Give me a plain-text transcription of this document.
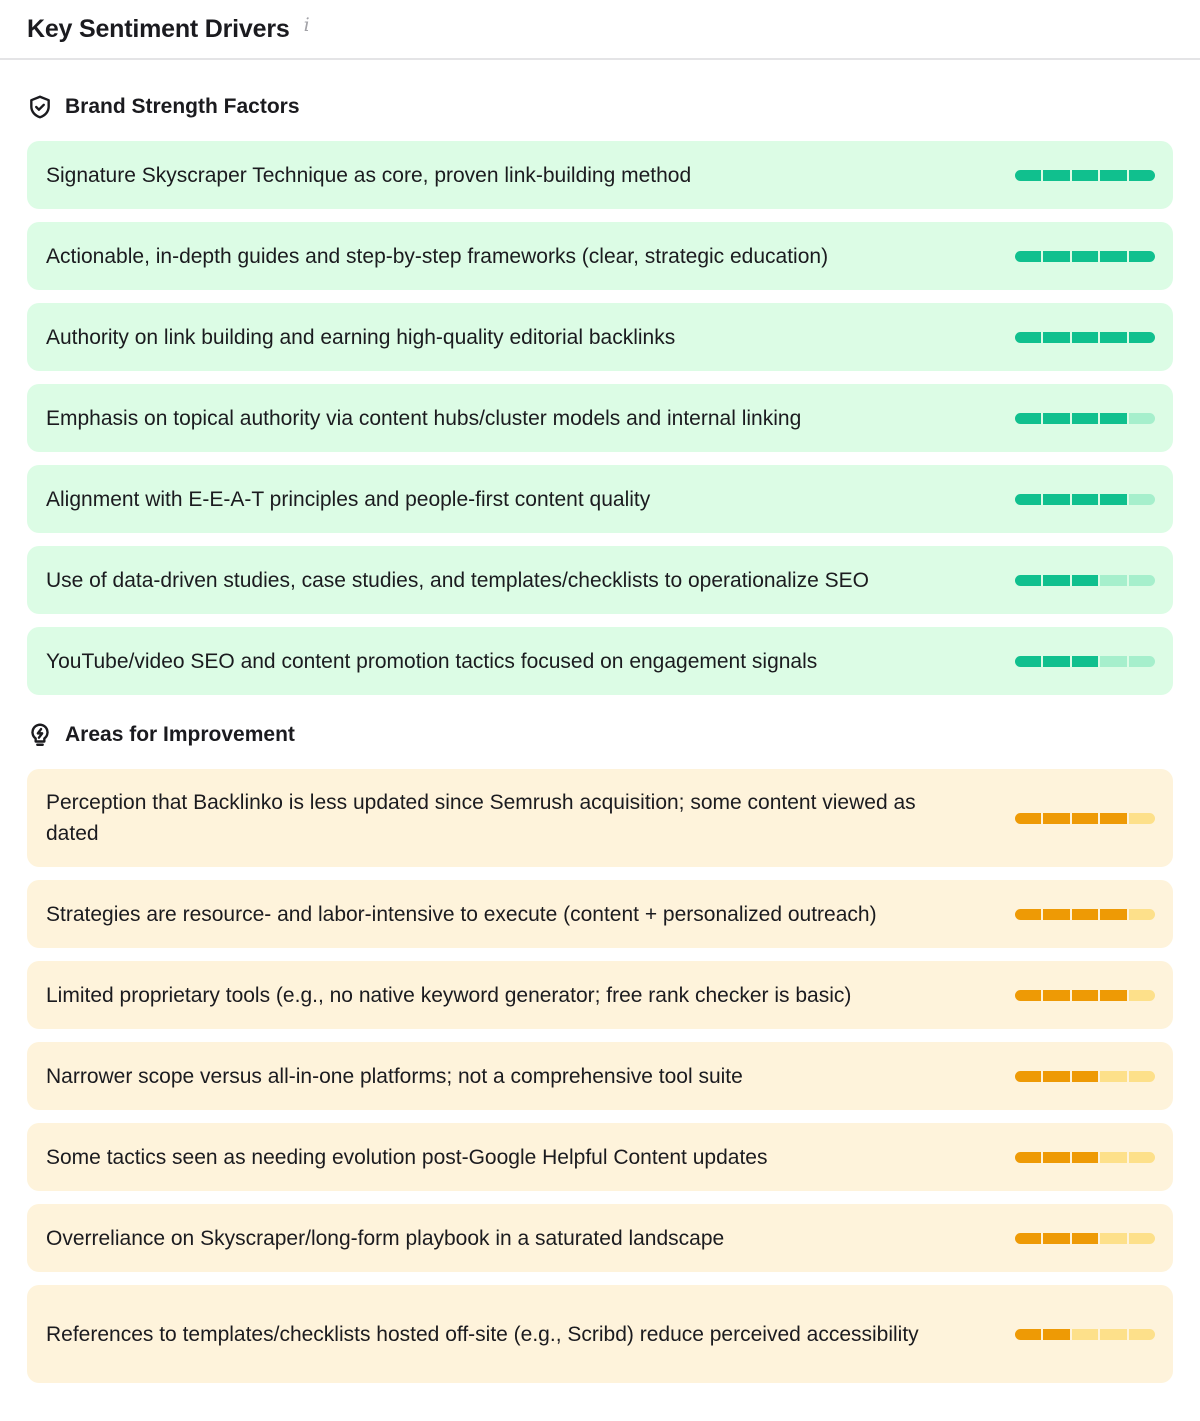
Key Sentiment Drivers i
Brand Strength Factors
Signature Skyscraper Technique as core, proven link-building method
Actionable, in-depth guides and step-by-step frameworks (clear, strategic education)
Authority on link building and earning high-quality editorial backlinks
Emphasis on topical authority via content hubs/cluster models and internal linking
Alignment with E-E-A-T principles and people-first content quality
Use of data-driven studies, case studies, and templates/checklists to operationalize SEO
YouTube/video SEO and content promotion tactics focused on engagement signals
Areas for Improvement
Perception that Backlinko is less updated since Semrush acquisition; some content viewed as dated
Strategies are resource- and labor-intensive to execute (content + personalized outreach)
Limited proprietary tools (e.g., no native keyword generator; free rank checker is basic)
Narrower scope versus all-in-one platforms; not a comprehensive tool suite
Some tactics seen as needing evolution post-Google Helpful Content updates
Overreliance on Skyscraper/long-form playbook in a saturated landscape
References to templates/checklists hosted off-site (e.g., Scribd) reduce perceived accessibility
